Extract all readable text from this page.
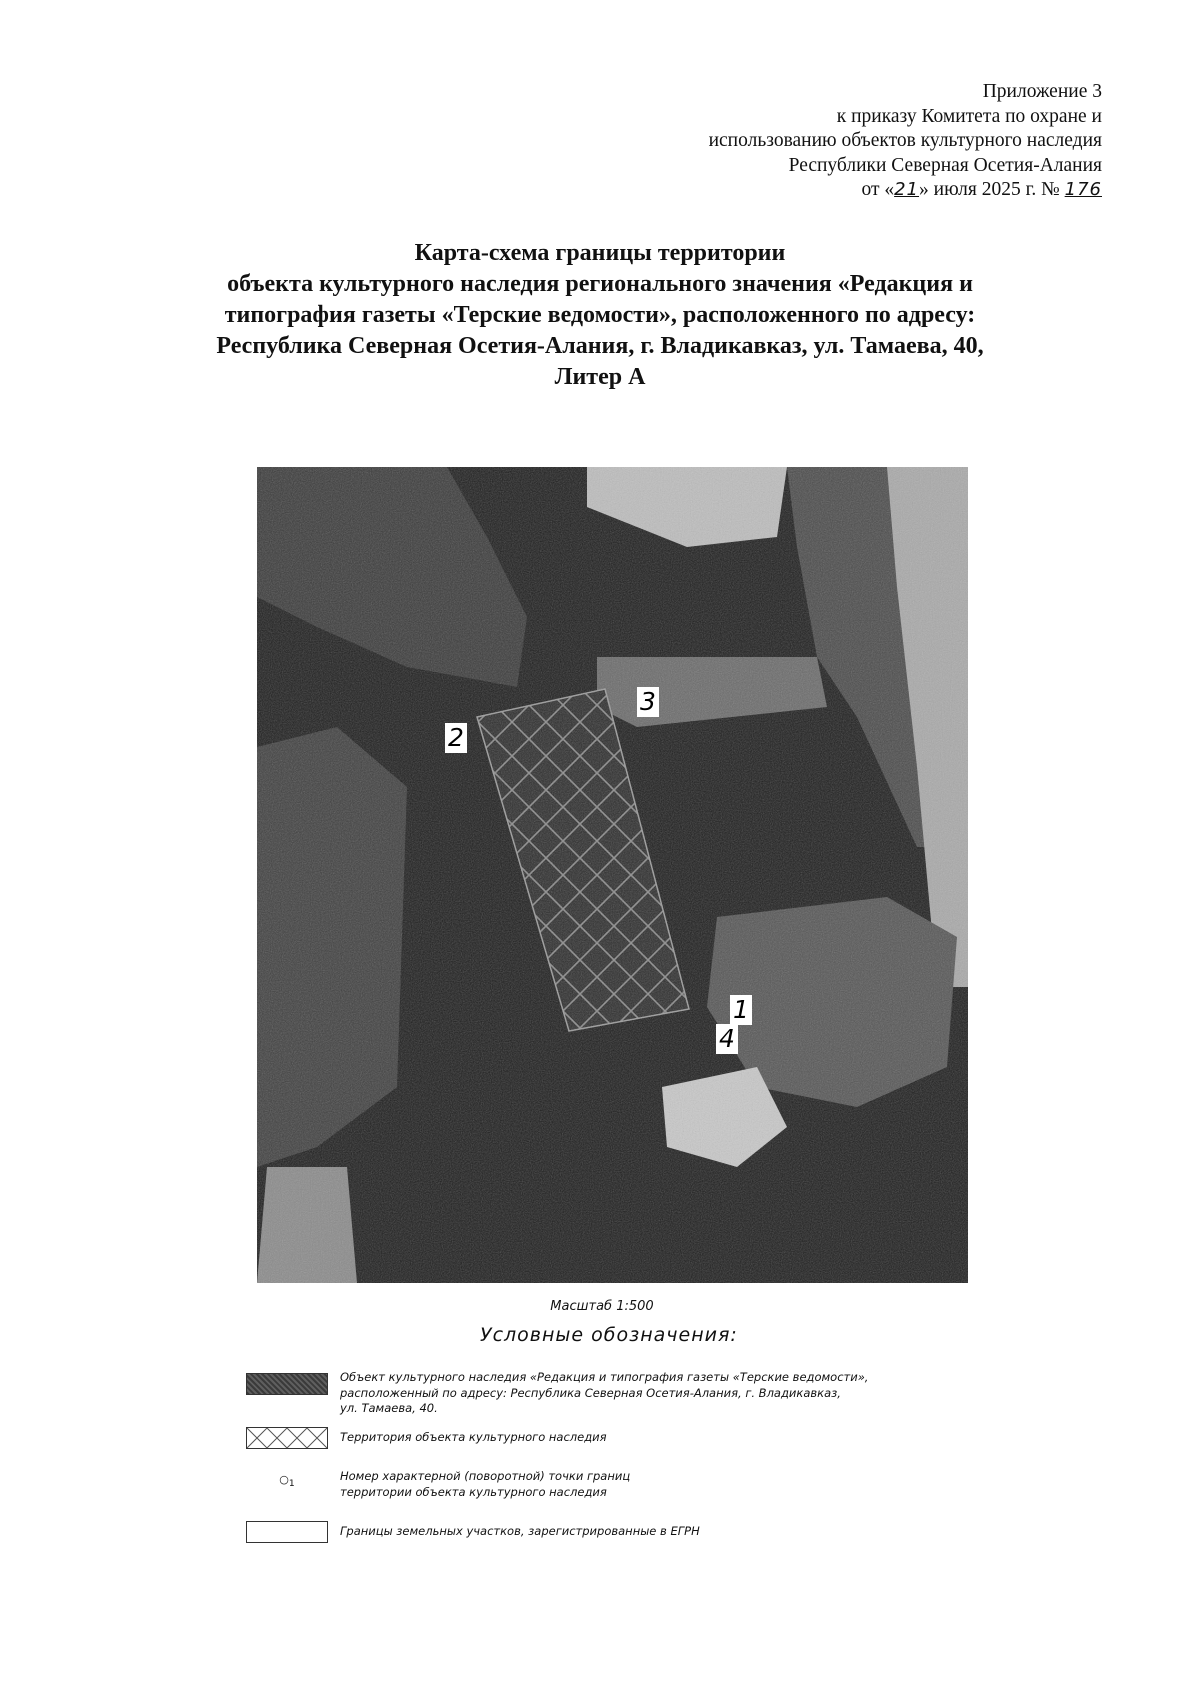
Приложение 3
к приказу Комитета по охране и
использованию объектов культурного наследия
Республики Северная Осетия-Алания
от «21» июля 2025 г. № 176
Карта-схема границы территории
объекта культурного наследия регионального значения «Редакция и
типография газеты «Терские ведомости», расположенного по адресу:
Республика Северная Осетия-Алания, г. Владикавказ, ул. Тамаева, 40,
Литер А
1
2
3
4
Масштаб 1:500
Условные обозначения:
Объект культурного наследия «Редакция и типография газеты «Терские ведомости»,
расположенный по адресу: Республика Северная Осетия-Алания, г. Владикавказ,
ул. Тамаева, 40.
Территория объекта культурного наследия
$○_1$
Номер характерной (поворотной) точки границ
территории объекта культурного наследия
Границы земельных участков, зарегистрированные в ЕГРН
